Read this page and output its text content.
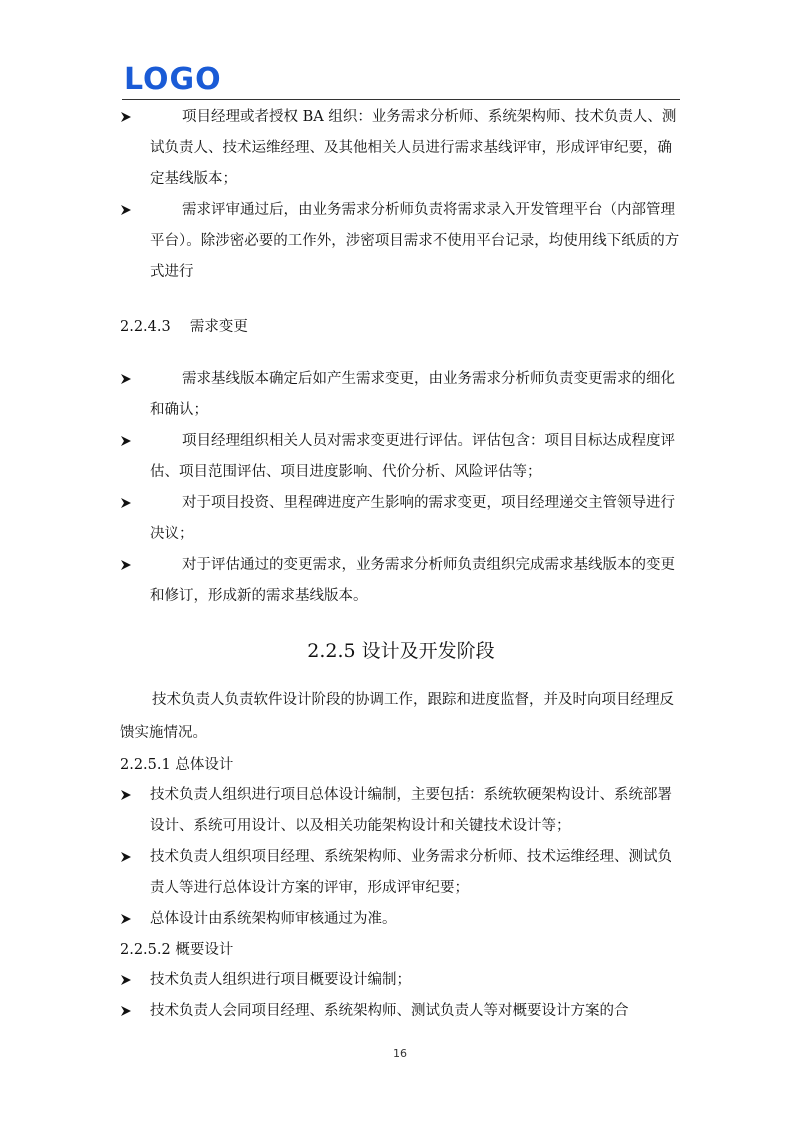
LOGO
项目经理或者授权 BA 组织：业务需求分析师、系统架构师、技术负责人、测试负责人、技术运维经理、及其他相关人员进行需求基线评审，形成评审纪要，确定基线版本；
需求评审通过后，由业务需求分析师负责将需求录入开发管理平台（内部管理平台）。除涉密必要的工作外，涉密项目需求不使用平台记录，均使用线下纸质的方式进行
2.2.4.3　 需求变更
需求基线版本确定后如产生需求变更，由业务需求分析师负责变更需求的细化和确认；
项目经理组织相关人员对需求变更进行评估。评估包含：项目目标达成程度评估、项目范围评估、项目进度影响、代价分析、风险评估等；
对于项目投资、里程碑进度产生影响的需求变更，项目经理递交主管领导进行决议；
对于评估通过的变更需求，业务需求分析师负责组织完成需求基线版本的变更和修订，形成新的需求基线版本。
2.2.5 设计及开发阶段
技术负责人负责软件设计阶段的协调工作，跟踪和进度监督，并及时向项目经理反馈实施情况。
2.2.5.1 总体设计
技术负责人组织进行项目总体设计编制，主要包括：系统软硬架构设计、系统部署设计、系统可用设计、以及相关功能架构设计和关键技术设计等；
技术负责人组织项目经理、系统架构师、业务需求分析师、技术运维经理、测试负责人等进行总体设计方案的评审，形成评审纪要；
总体设计由系统架构师审核通过为准。
2.2.5.2 概要设计
技术负责人组织进行项目概要设计编制；
技术负责人会同项目经理、系统架构师、测试负责人等对概要设计方案的合
16
